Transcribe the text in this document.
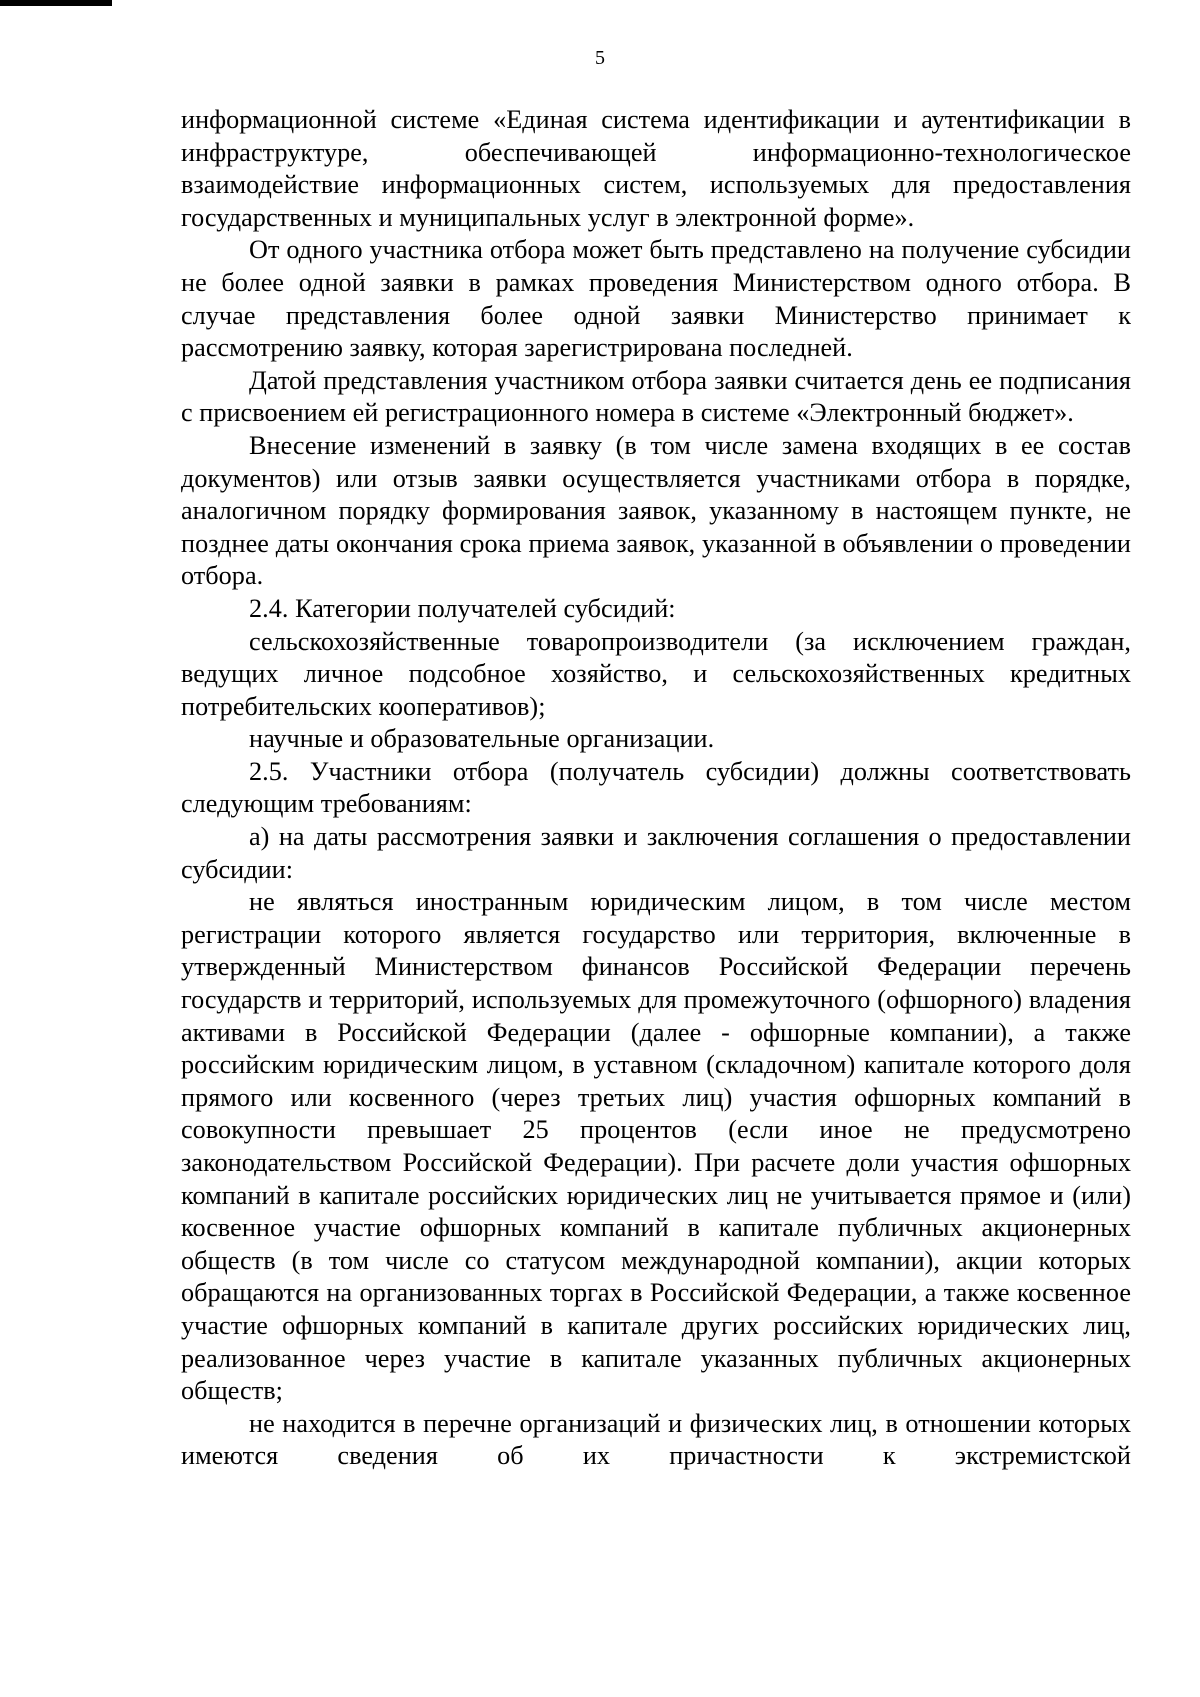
5

информационной системе «Единая система идентификации и аутентификации в инфраструктуре, обеспечивающей информационно-технологическое взаимодействие информационных систем, используемых для предоставления государственных и муниципальных услуг в электронной форме».

От одного участника отбора может быть представлено на получение субсидии не более одной заявки в рамках проведения Министерством одного отбора. В случае представления более одной заявки Министерство принимает к рассмотрению заявку, которая зарегистрирована последней.

Датой представления участником отбора заявки считается день ее подписания с присвоением ей регистрационного номера в системе «Электронный бюджет».

Внесение изменений в заявку (в том числе замена входящих в ее состав документов) или отзыв заявки осуществляется участниками отбора в порядке, аналогичном порядку формирования заявок, указанному в настоящем пункте, не позднее даты окончания срока приема заявок, указанной в объявлении о проведении отбора.

2.4. Категории получателей субсидий:

сельскохозяйственные товаропроизводители (за исключением граждан, ведущих личное подсобное хозяйство, и сельскохозяйственных кредитных потребительских кооперативов);

научные и образовательные организации.

2.5. Участники отбора (получатель субсидии) должны соответствовать следующим требованиям:

а) на даты рассмотрения заявки и заключения соглашения о предоставлении субсидии:

не являться иностранным юридическим лицом, в том числе местом регистрации которого является государство или территория, включенные в утвержденный Министерством финансов Российской Федерации перечень государств и территорий, используемых для промежуточного (офшорного) владения активами в Российской Федерации (далее - офшорные компании), а также российским юридическим лицом, в уставном (складочном) капитале которого доля прямого или косвенного (через третьих лиц) участия офшорных компаний в совокупности превышает 25 процентов (если иное не предусмотрено законодательством Российской Федерации). При расчете доли участия офшорных компаний в капитале российских юридических лиц не учитывается прямое и (или) косвенное участие офшорных компаний в капитале публичных акционерных обществ (в том числе со статусом международной компании), акции которых обращаются на организованных торгах в Российской Федерации, а также косвенное участие офшорных компаний в капитале других российских юридических лиц, реализованное через участие в капитале указанных публичных акционерных обществ;

не находится в перечне организаций и физических лиц, в отношении которых имеются сведения об их причастности к экстремистской
